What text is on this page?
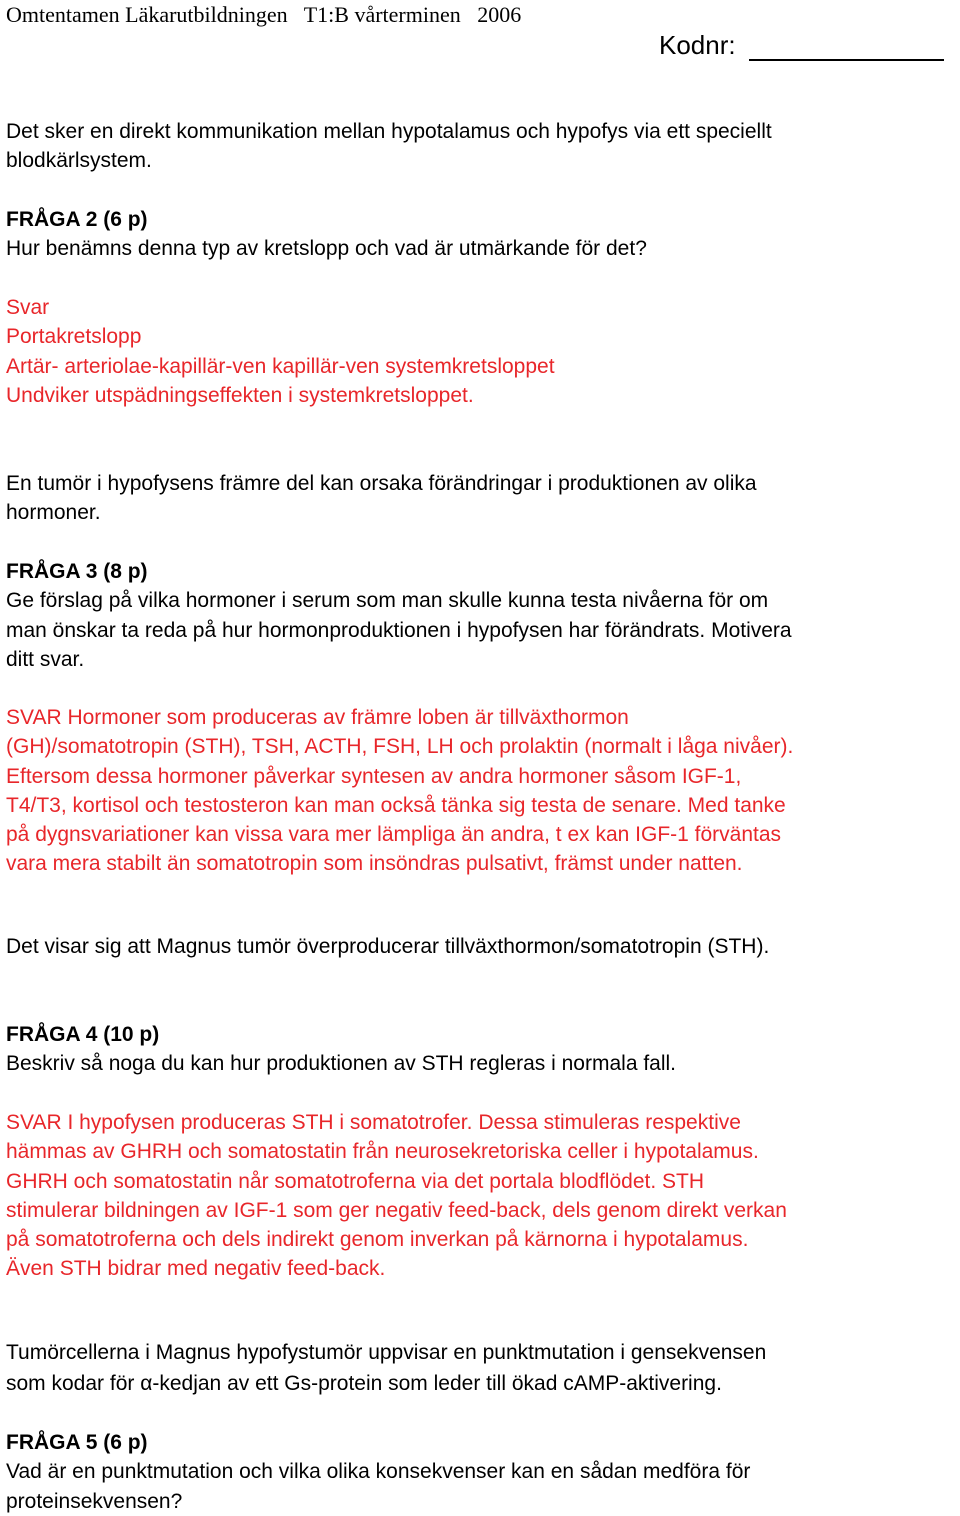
Omtentamen Läkarutbildningen   T1:B vårterminen   2006
Kodnr:
Det sker en direkt kommunikation mellan hypotalamus och hypofys via ett speciellt
blodkärlsystem.
FRÅGA 2 (6 p)
Hur benämns denna typ av kretslopp och vad är utmärkande för det?
Svar
Portakretslopp
Artär- arteriolae-kapillär-ven kapillär-ven systemkretsloppet
Undviker utspädningseffekten i systemkretsloppet.
En tumör i hypofysens främre del kan orsaka förändringar i produktionen av olika
hormoner.
FRÅGA 3 (8 p)
Ge förslag på vilka hormoner i serum som man skulle kunna testa nivåerna för om
man önskar ta reda på hur hormonproduktionen i hypofysen har förändrats. Motivera
ditt svar.
SVAR Hormoner som produceras av främre loben är tillväxthormon
(GH)/somatotropin (STH), TSH, ACTH, FSH, LH och prolaktin (normalt i låga nivåer).
Eftersom dessa hormoner påverkar syntesen av andra hormoner såsom IGF-1,
T4/T3, kortisol och testosteron kan man också tänka sig testa de senare. Med tanke
på dygnsvariationer kan vissa vara mer lämpliga än andra, t ex kan IGF-1 förväntas
vara mera stabilt än somatotropin som insöndras pulsativt, främst under natten.
Det visar sig att Magnus tumör överproducerar tillväxthormon/somatotropin (STH).
FRÅGA 4 (10 p)
Beskriv så noga du kan hur produktionen av STH regleras i normala fall.
SVAR I hypofysen produceras STH i somatotrofer. Dessa stimuleras respektive
hämmas av GHRH och somatostatin från neurosekretoriska celler i hypotalamus.
GHRH och somatostatin når somatotroferna via det portala blodflödet. STH
stimulerar bildningen av IGF-1 som ger negativ feed-back, dels genom direkt verkan
på somatotroferna och dels indirekt genom inverkan på kärnorna i hypotalamus.
Även STH bidrar med negativ feed-back.
Tumörcellerna i Magnus hypofystumör uppvisar en punktmutation i gensekvensen
som kodar för α-kedjan av ett Gs-protein som leder till ökad cAMP-aktivering.
FRÅGA 5 (6 p)
Vad är en punktmutation och vilka olika konsekvenser kan en sådan medföra för
proteinsekvensen?
